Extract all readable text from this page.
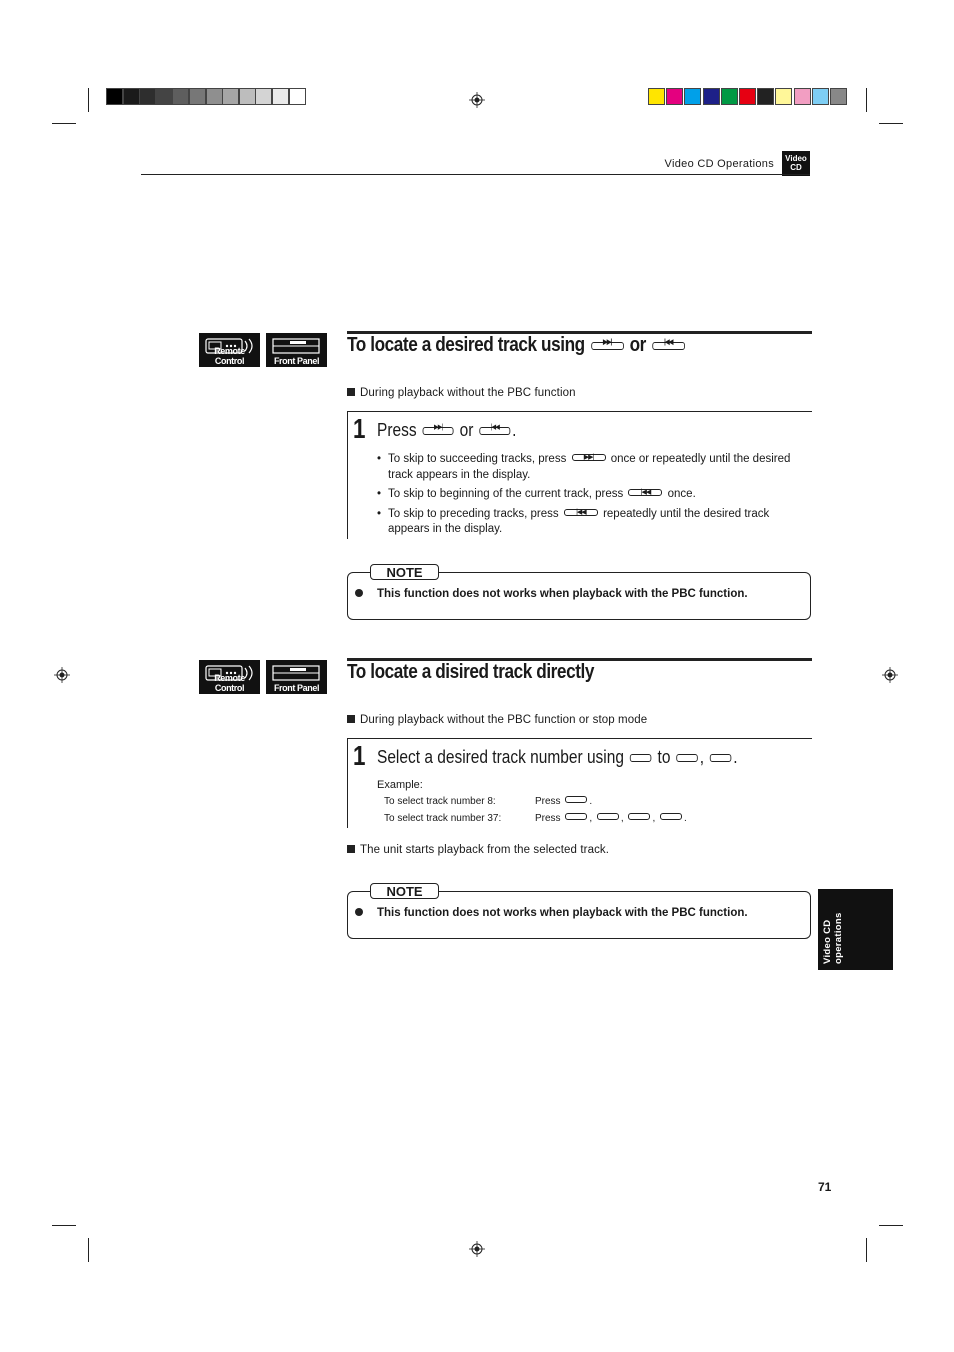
Video CD Operations	Video
CD
Remote Control	Front Panel
To locate a desired track using	▶▶| or	|◀◀
During playback without the PBC function
1 Press	▶▶| or	|◀◀ .
• To skip to succeeding tracks, press	▶▶|	once or repeatedly until the desired track appears in the display.
• To skip to beginning of the current track, press	|◀◀	once.
• To skip to preceding tracks, press	|◀◀	repeatedly until the desired track appears in the display.
NOTE
This function does not works when playback with the PBC function.
Remote Control	Front Panel
To locate a disired track directly
During playback without the PBC function or stop mode
1 Select a desired track number using to , .
Example:
To select track number 8:	Press	.
To select track number 37:	Press	,	,	,	.
The unit starts playback from the selected track.
NOTE
This function does not works when playback with the PBC function.
Video CD operations
71
